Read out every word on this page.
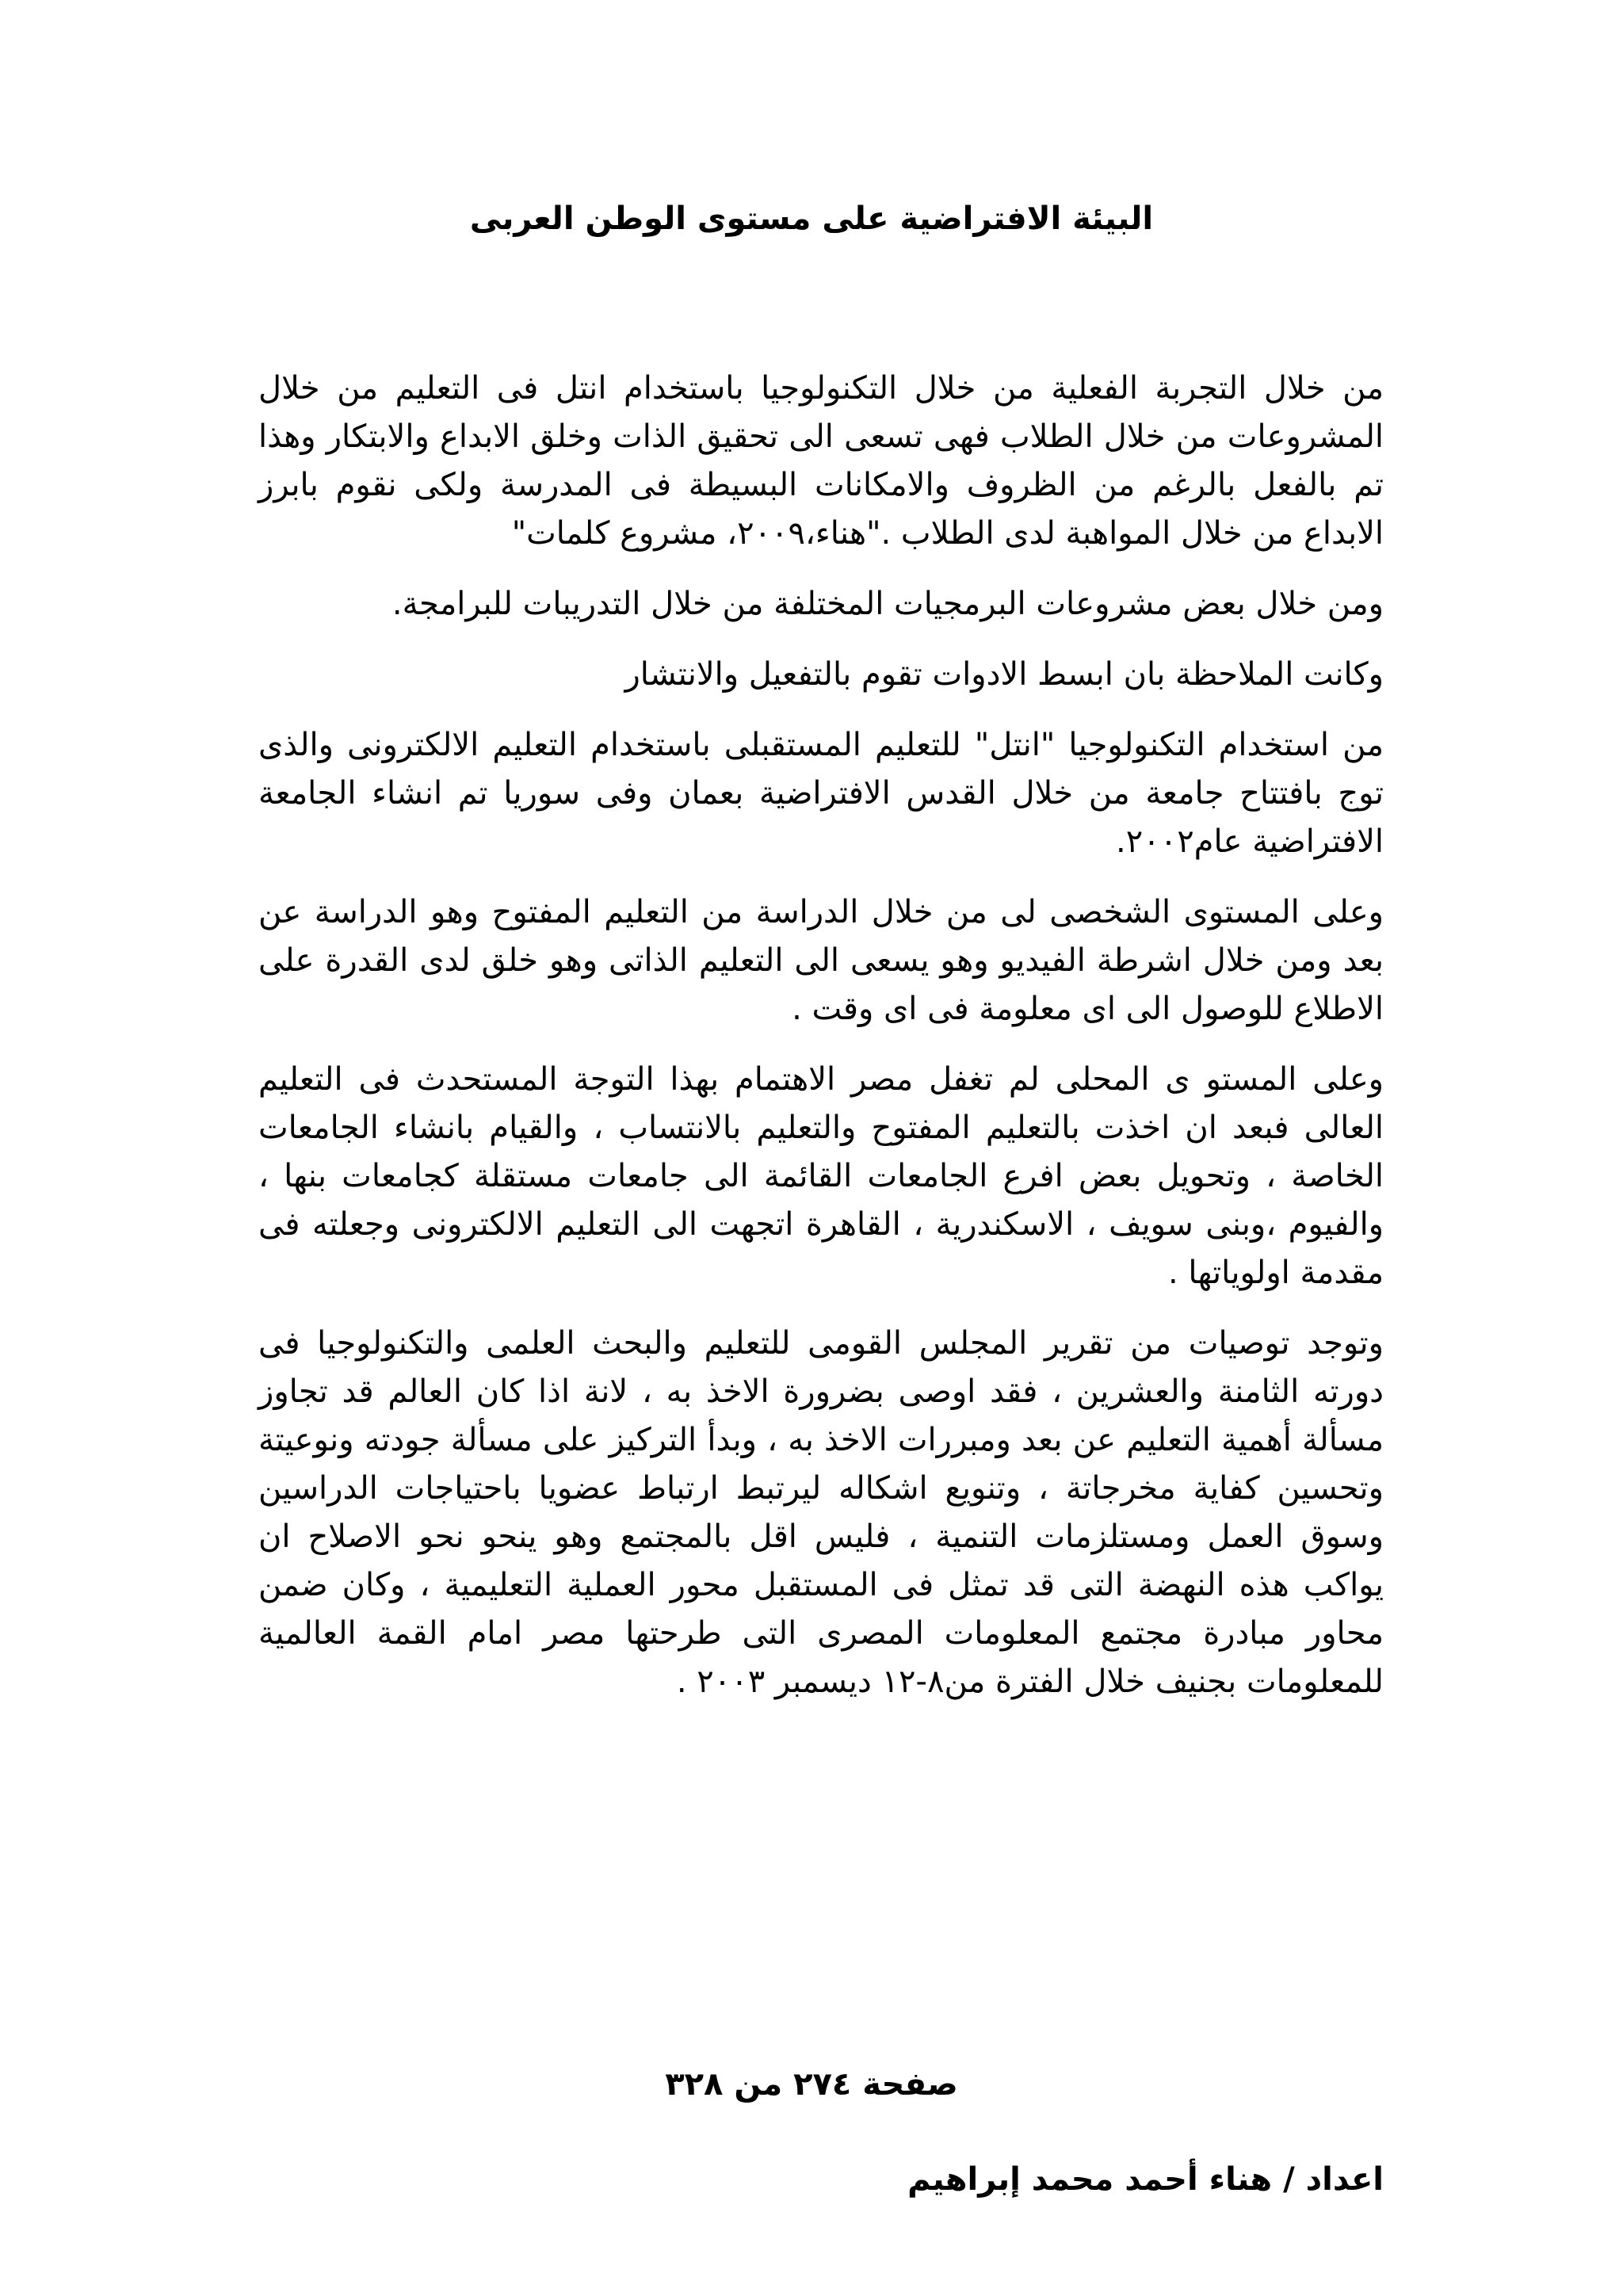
البيئة الافتراضية على مستوى الوطن العربى

من خلال التجربة الفعلية من خلال التكنولوجيا باستخدام انتل فى التعليم من خلال المشروعات من خلال الطلاب فهى تسعى الى تحقيق الذات وخلق الابداع والابتكار وهذا تم بالفعل بالرغم من الظروف والامكانات البسيطة فى المدرسة ولكى نقوم بابرز الابداع من خلال المواهبة لدى الطلاب ."هناء،٢٠٠٩، مشروع كلمات"

ومن خلال بعض مشروعات البرمجيات المختلفة من خلال التدريبات للبرامجة.

وكانت الملاحظة بان ابسط الادوات تقوم بالتفعيل والانتشار

من استخدام التكنولوجيا "انتل" للتعليم المستقبلى باستخدام التعليم الالكترونى والذى توج بافتتاح جامعة من خلال القدس الافتراضية بعمان وفى سوريا تم انشاء الجامعة الافتراضية عام٢٠٠٢.

وعلى المستوى الشخصى لى من خلال الدراسة من التعليم المفتوح وهو الدراسة عن بعد ومن خلال اشرطة الفيديو وهو يسعى الى التعليم الذاتى وهو خلق لدى القدرة على الاطلاع للوصول الى اى معلومة فى اى وقت .

وعلى المستو ى المحلى لم تغفل مصر الاهتمام بهذا التوجة المستحدث فى التعليم العالى فبعد ان اخذت بالتعليم المفتوح والتعليم بالانتساب ، والقيام بانشاء الجامعات الخاصة ، وتحويل بعض افرع الجامعات القائمة الى جامعات مستقلة كجامعات بنها ، والفيوم ،وبنى سويف ، الاسكندرية ، القاهرة اتجهت الى التعليم الالكترونى وجعلته فى مقدمة اولوياتها .

وتوجد توصيات من تقرير المجلس القومى للتعليم والبحث العلمى والتكنولوجيا فى دورته الثامنة والعشرين ، فقد اوصى بضرورة الاخذ به ، لانة اذا كان العالم قد تجاوز مسألة أهمية التعليم عن بعد ومبررات الاخذ به ، وبدأ التركيز على مسألة جودته ونوعيتة وتحسين كفاية مخرجاتة ، وتنويع اشكاله ليرتبط ارتباط عضويا باحتياجات الدراسين وسوق العمل ومستلزمات التنمية ، فليس اقل بالمجتمع وهو ينحو نحو الاصلاح ان يواكب هذه النهضة التى قد تمثل فى المستقبل محور العملية التعليمية ، وكان ضمن محاور مبادرة مجتمع المعلومات المصرى التى طرحتها مصر امام القمة العالمية للمعلومات بجنيف خلال الفترة من٨-١٢ ديسمبر ٢٠٠٣ .

صفحة ٢٧٤ من ٣٢٨
اعداد / هناء أحمد محمد إبراهيم
